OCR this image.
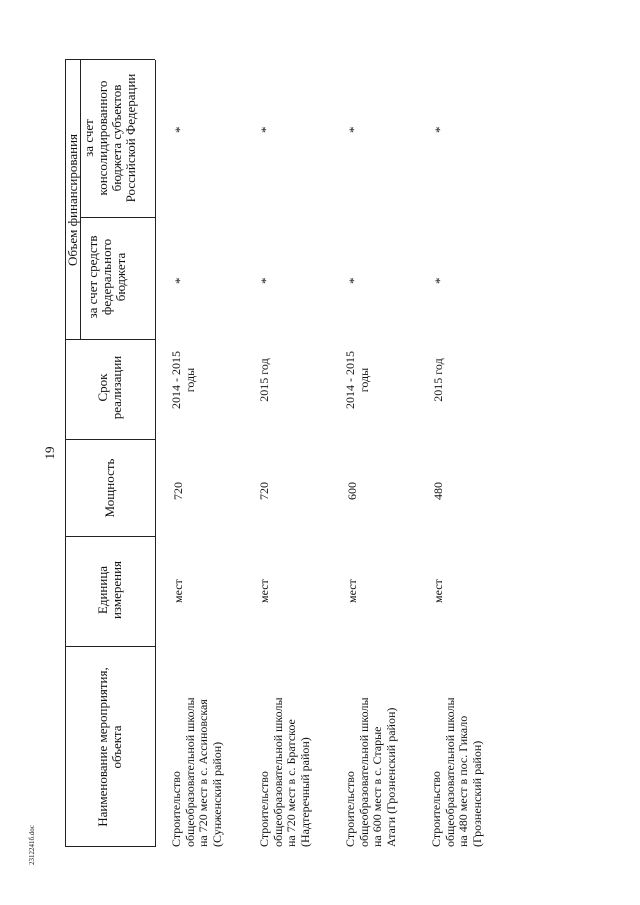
19
2312241б.doc
Наименование мероприятия, объекта
Единица измерения
Мощность
Срок реализации
Объем финансирования
за счет средств федерального бюджета
за счет консолидированного бюджета субъектов Российской Федерации
Строительство общеобразовательной школы на 720 мест в с. Ассиновская (Сунженский район)
мест
720
2014 - 2015 годы
*
*
Строительство общеобразовательной школы на 720 мест в с. Братское (Надтеречный район)
мест
720
2015 год
*
*
Строительство общеобразовательной школы на 600 мест в с. Старые Атаги (Грозненский район)
мест
600
2014 - 2015 годы
*
*
Строительство общеобразовательной школы на 480 мест в пос. Гикало (Грозненский район)
мест
480
2015 год
*
*
